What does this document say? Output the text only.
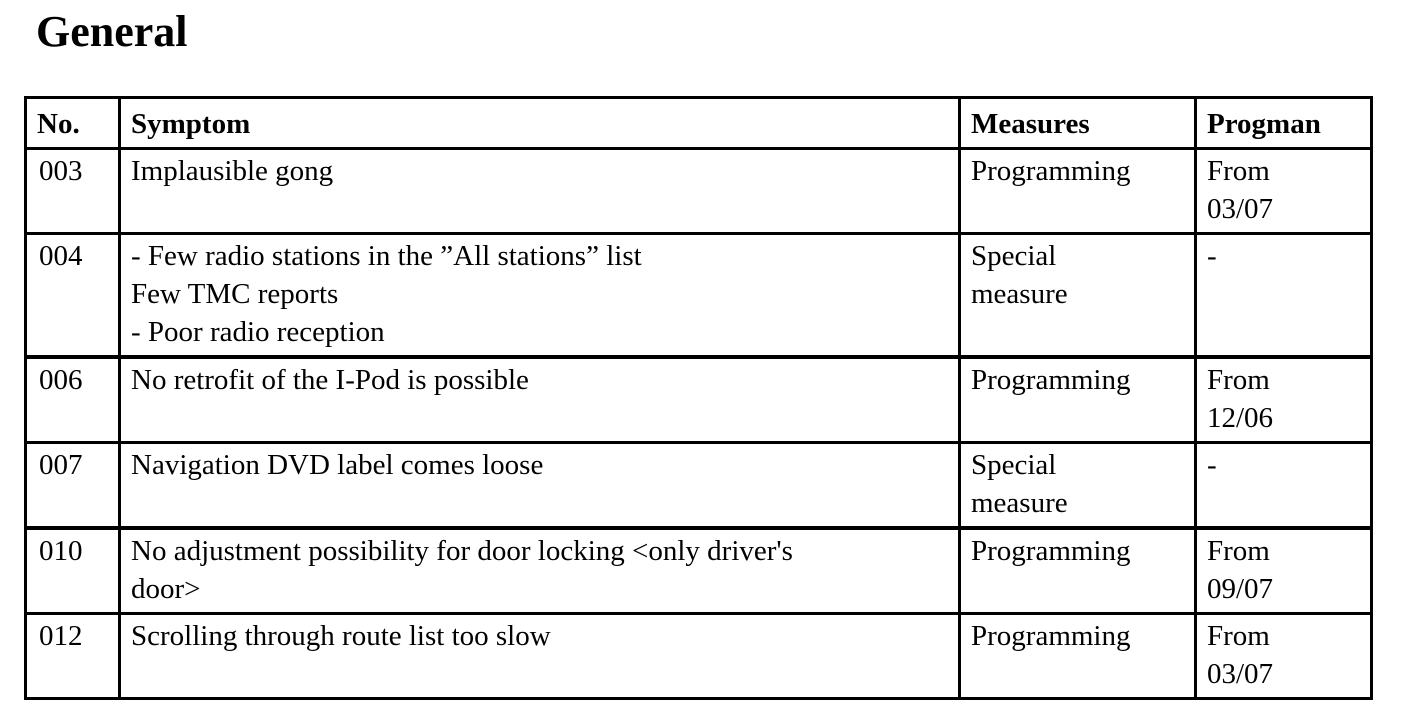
General
No.	Symptom	Measures	Progman
003	Implausible gong	Programming	From
03/07

004	- Few radio stations in the ”All stations” list
Few TMC reports
- Poor radio reception	Special
measure	-

006	No retrofit of the I-Pod is possible	Programming	From
12/06

007	Navigation DVD label comes loose	Special
measure	-

010	No adjustment possibility for door locking <only driver's
door>	Programming	From
09/07

012	Scrolling through route list too slow	Programming	From
03/07
